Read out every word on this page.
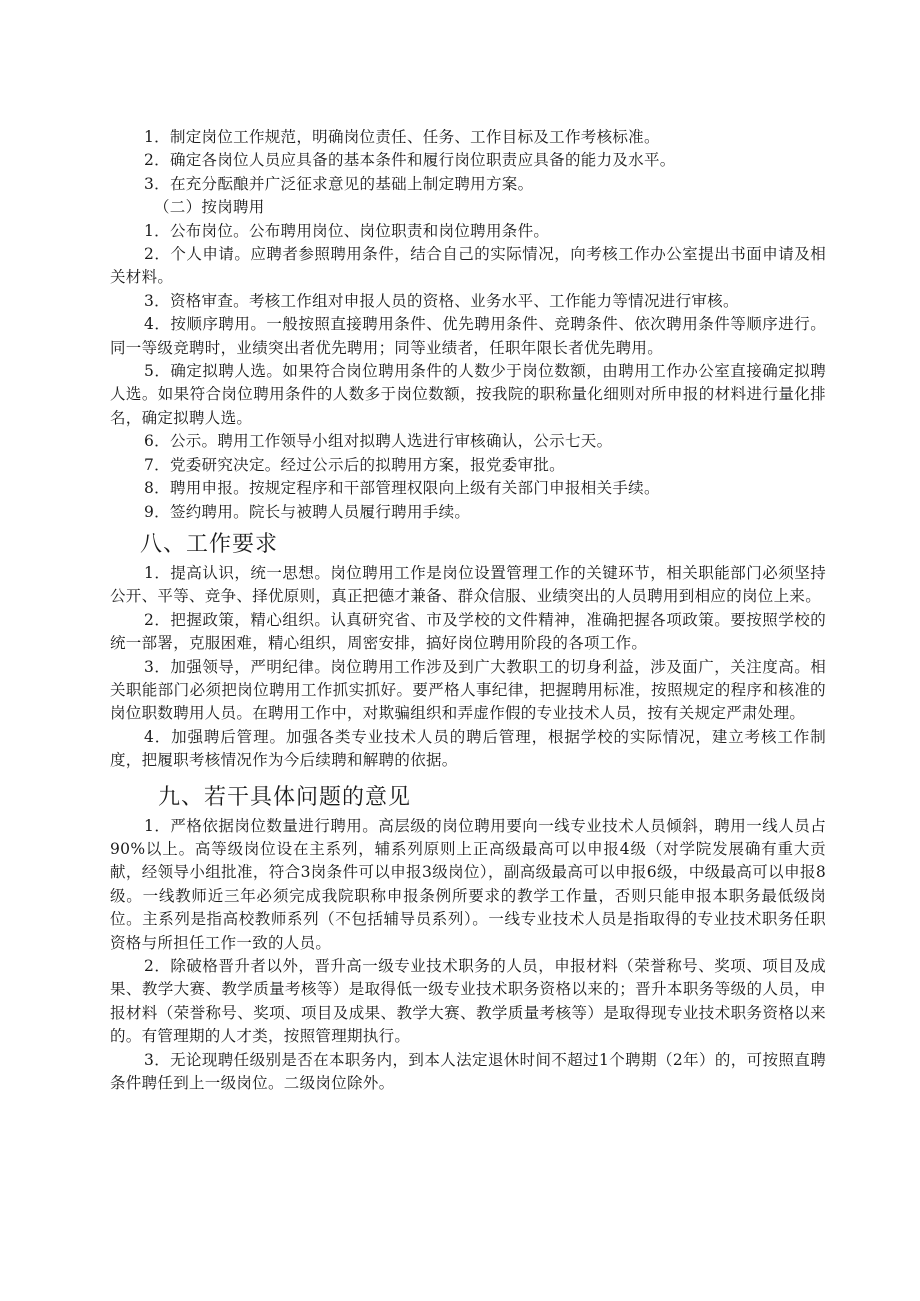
1．制定岗位工作规范，明确岗位责任、任务、工作目标及工作考核标准。

2．确定各岗位人员应具备的基本条件和履行岗位职责应具备的能力及水平。

3．在充分酝酿并广泛征求意见的基础上制定聘用方案。

（二）按岗聘用

1．公布岗位。公布聘用岗位、岗位职责和岗位聘用条件。

2．个人申请。应聘者参照聘用条件，结合自己的实际情况，向考核工作办公室提出书面申请及相关材料。

3．资格审查。考核工作组对申报人员的资格、业务水平、工作能力等情况进行审核。

4．按顺序聘用。一般按照直接聘用条件、优先聘用条件、竞聘条件、依次聘用条件等顺序进行。同一等级竞聘时，业绩突出者优先聘用；同等业绩者，任职年限长者优先聘用。

5．确定拟聘人选。如果符合岗位聘用条件的人数少于岗位数额，由聘用工作办公室直接确定拟聘人选。如果符合岗位聘用条件的人数多于岗位数额，按我院的职称量化细则对所申报的材料进行量化排名，确定拟聘人选。

6．公示。聘用工作领导小组对拟聘人选进行审核确认，公示七天。

7．党委研究决定。经过公示后的拟聘用方案，报党委审批。

8．聘用申报。按规定程序和干部管理权限向上级有关部门申报相关手续。

9．签约聘用。院长与被聘人员履行聘用手续。

八、工作要求

1．提高认识，统一思想。岗位聘用工作是岗位设置管理工作的关键环节，相关职能部门必须坚持公开、平等、竞争、择优原则，真正把德才兼备、群众信服、业绩突出的人员聘用到相应的岗位上来。

2．把握政策，精心组织。认真研究省、市及学校的文件精神，准确把握各项政策。要按照学校的统一部署，克服困难，精心组织，周密安排，搞好岗位聘用阶段的各项工作。

3．加强领导，严明纪律。岗位聘用工作涉及到广大教职工的切身利益，涉及面广，关注度高。相关职能部门必须把岗位聘用工作抓实抓好。要严格人事纪律，把握聘用标准，按照规定的程序和核准的岗位职数聘用人员。在聘用工作中，对欺骗组织和弄虚作假的专业技术人员，按有关规定严肃处理。

4．加强聘后管理。加强各类专业技术人员的聘后管理，根据学校的实际情况，建立考核工作制度，把履职考核情况作为今后续聘和解聘的依据。

九、若干具体问题的意见

1．严格依据岗位数量进行聘用。高层级的岗位聘用要向一线专业技术人员倾斜，聘用一线人员占90%以上。高等级岗位设在主系列，辅系列原则上正高级最高可以申报4级（对学院发展确有重大贡献，经领导小组批准，符合3岗条件可以申报3级岗位），副高级最高可以申报6级，中级最高可以申报8级。一线教师近三年必须完成我院职称申报条例所要求的教学工作量，否则只能申报本职务最低级岗位。主系列是指高校教师系列（不包括辅导员系列）。一线专业技术人员是指取得的专业技术职务任职资格与所担任工作一致的人员。

2．除破格晋升者以外，晋升高一级专业技术职务的人员，申报材料（荣誉称号、奖项、项目及成果、教学大赛、教学质量考核等）是取得低一级专业技术职务资格以来的；晋升本职务等级的人员，申报材料（荣誉称号、奖项、项目及成果、教学大赛、教学质量考核等）是取得现专业技术职务资格以来的。有管理期的人才类，按照管理期执行。

3．无论现聘任级别是否在本职务内，到本人法定退休时间不超过1个聘期（2年）的，可按照直聘条件聘任到上一级岗位。二级岗位除外。
